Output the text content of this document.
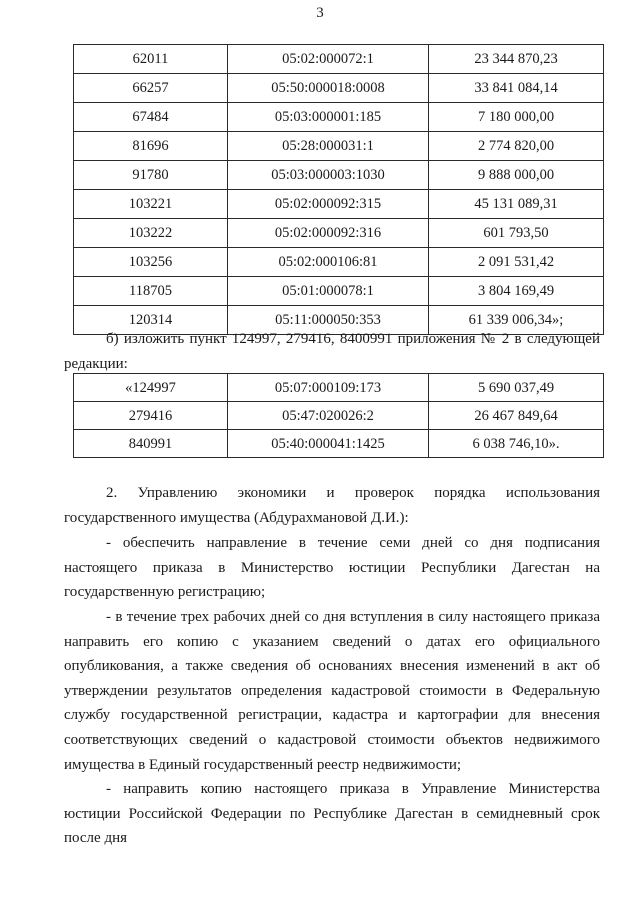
3
62011	05:02:000072:1	23 344 870,23
66257	05:50:000018:0008	33 841 084,14
67484	05:03:000001:185	7 180 000,00
81696	05:28:000031:1	2 774 820,00
91780	05:03:000003:1030	9 888 000,00
103221	05:02:000092:315	45 131 089,31
103222	05:02:000092:316	601 793,50
103256	05:02:000106:81	2 091 531,42
118705	05:01:000078:1	3 804 169,49
120314	05:11:000050:353	61 339 006,34»;

б) изложить пункт 124997, 279416, 8400991 приложения № 2 в следующей редакции:

«124997	05:07:000109:173	5 690 037,49
279416	05:47:020026:2	26 467 849,64
840991	05:40:000041:1425	6 038 746,10».

2. Управлению экономики и проверок порядка использования государственного имущества (Абдурахмановой Д.И.):

- обеспечить направление в течение семи дней со дня подписания настоящего приказа в Министерство юстиции Республики Дагестан на государственную регистрацию;

- в течение трех рабочих дней со дня вступления в силу настоящего приказа направить его копию с указанием сведений о датах его официального опубликования, а также сведения об основаниях внесения изменений в акт об утверждении результатов определения кадастровой стоимости в Федеральную службу государственной регистрации, кадастра и картографии для внесения соответствующих сведений о кадастровой стоимости объектов недвижимого имущества в Единый государственный реестр недвижимости;

- направить копию настоящего приказа в Управление Министерства юстиции Российской Федерации по Республике Дагестан в семидневный срок после дня
